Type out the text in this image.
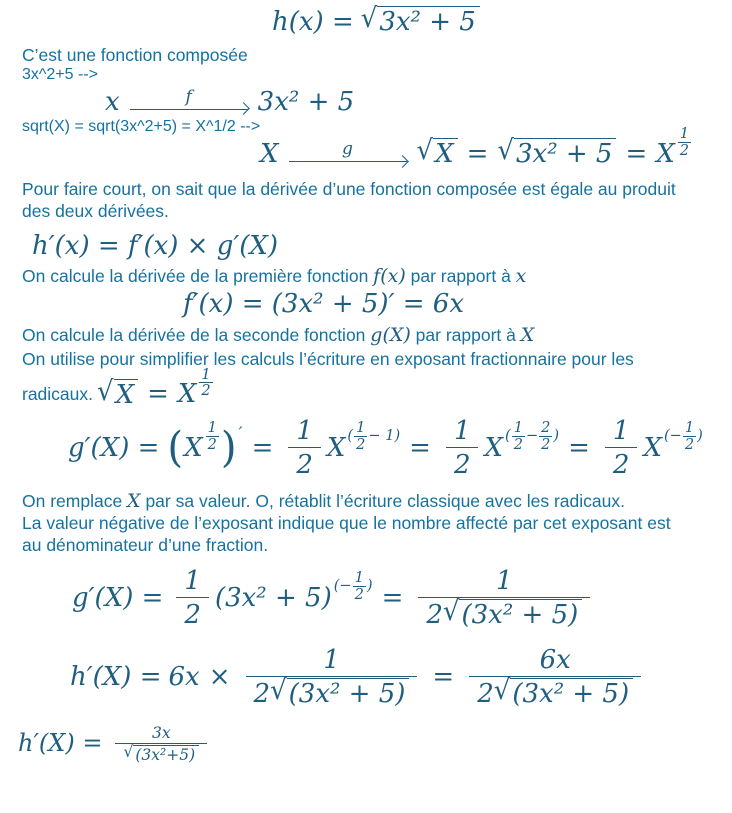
h(x) = √ 3x² + 5

C’est une fonction composée

3x^2+5 -->
x	f	3x² + 5
sqrt(X) = sqrt(3x^2+5) = X^1/2 -->
X	g √ X = √ 3x² + 5 = X $\frac{1}{2}$

Pour faire court, on sait que la dérivée d’une fonction composée est égale au produit
des deux dérivées.

h′(x) = f′(x) × g′(X)

On calcule la dérivée de la première fonction f(x) par rapport à x

f′(x) = (3x² + 5)′ = 6x

On calcule la dérivée de la seconde fonction g(X) par rapport à X

On utilise pour simplifier les calculs l’écriture en exposant fractionnaire pour les

radicaux. √ X = X $\frac{1}{2}$
g′(X) = ( X $\frac{1}{2}$ ) ′ = $\frac{1}{2}$ X ( $\frac{1}{2} - 1$ ) = $\frac{1}{2}$ X ( $\frac{1}{2} - \frac{2}{2}$ ) = $\frac{1}{2}$ X (− $\frac{1}{2}$ )

On remplace X par sa valeur. O, rétablit l’écriture classique avec les radicaux.
La valeur négative de l’exposant indique que le nombre affecté par cet exposant est
au dénominateur d’une fraction.

$g'(X) = \frac{1}{2} (3x^2 + 5)$ (− $\frac{1}{2}$ ) = $\frac{1}{\text{2 √ (3x² + 5)}}$
$h'(X) = 6x \times \frac{1}{\text{2 √ (3x² + 5)}} = \frac{6x}{\text{2 √ (3x² + 5)}}$
$h'(X) = \frac{3x}{\text{√ (3x²+5)}}$
